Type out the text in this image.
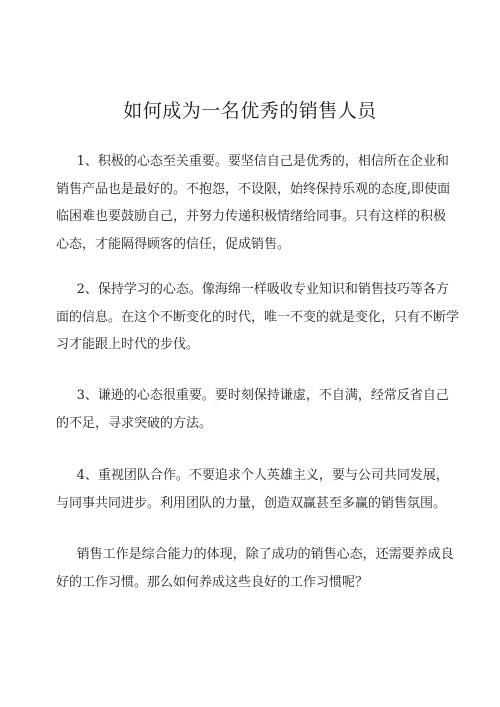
如何成为一名优秀的销售人员

1、积极的心态至关重要。要坚信自己是优秀的，相信所在企业和

销售产品也是最好的。不抱怨，不设限，始终保持乐观的态度,即使面

临困难也要鼓励自己，并努力传递积极情绪给同事。只有这样的积极

心态，才能隔得顾客的信任，促成销售。

2、保持学习的心态。像海绵一样吸收专业知识和销售技巧等各方

面的信息。在这个不断变化的时代，唯一不变的就是变化，只有不断学

习才能跟上时代的步伐。

3、谦逊的心态很重要。要时刻保持谦虚，不自满，经常反省自己

的不足，寻求突破的方法。

4、重视团队合作。不要追求个人英雄主义，要与公司共同发展，

与同事共同进步。利用团队的力量，创造双赢甚至多赢的销售氛围。

销售工作是综合能力的体现，除了成功的销售心态，还需要养成良

好的工作习惯。那么如何养成这些良好的工作习惯呢？
